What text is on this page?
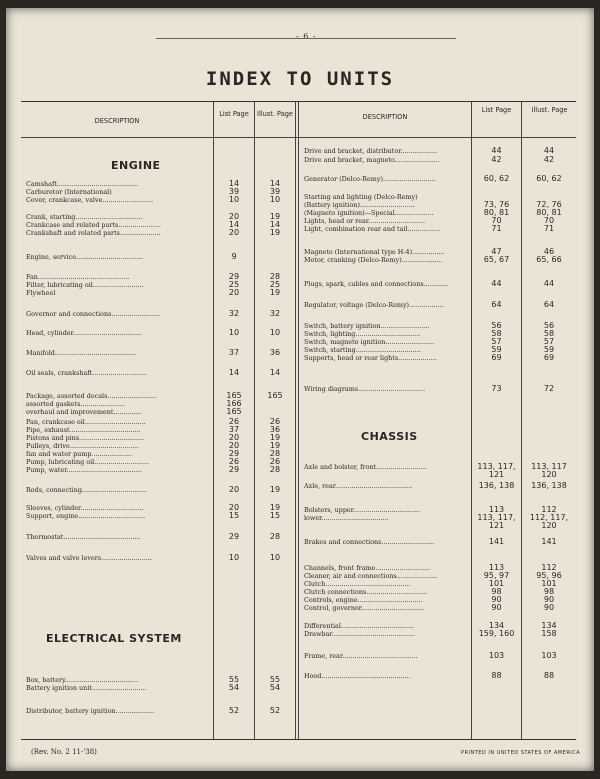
- 6 -
INDEX TO UNITS
DESCRIPTION
List Page	Illust. Page	DESCRIPTION
List Page	Illust. Page
ENGINE
ELECTRICAL SYSTEM
CHASSIS
Camshaft........................................	14	14
Carburetor (International)	39	39
Cover, crankcase, valve.........................	10	10
Crank, starting.................................	20	19
Crankcase and related parts.....................	14	14
Crankshaft and related parts....................	20	19
Engine, service.................................	9
Fan.............................................	29	28
Filter, lubricating oil.........................	25	25
Flywheel	20	19
Governor and connections........................	32	32
Head, cylinder..................................	10	10
Manifold........................................	37	36
Oil seals, crankshaft...........................	14	14
Package, assorted decals........................	165	165
assorted gaskets......................	166
overhaul and improvement..............	165
Pan, crankcase oil..............................	26	26
Pipe, exhaust...................................	37	36
Pistons and pins................................	20	19
Pulleys, drive..................................	20	19
fan and water pump....................	29	28
Pump, lubricating oil...........................	26	26
Pump, water.....................................	29	28
Rods, connecting................................	20	19
Sleeves, cylinder...............................	20	19
Support, engine.................................	15	15
Thermostat......................................	29	28
Valves and valve levers.........................	10	10
Box, battery....................................	55	55
Battery ignition unit...........................	54	54
Distributor, battery ignition...................	52	52
Drive and bracket, distributor..................	44	44
Drive and bracket, magneto......................	42	42
Generator (Delco-Remy)..........................	60, 62	60, 62
Starting and lighting (Delco-Remy)
(Battery ignition)...........................	73, 76	72, 76
(Magneto ignition)—Special...................	80, 81	80, 81
Lights, head or rear............................	70	70
Light, combination rear and tail................	71	71
Magneto (International type H-4)................	47	46
Motor, cranking (Delco-Remy)....................	65, 67	65, 66
Plugs, spark, cables and connections............	44	44
Regulator, voltage (Delco-Remy).................	64	64
Switch, battery ignition........................	56	56
Switch, lighting................................	58	58
Switch, magneto ignition........................	57	57
Switch, starting................................	59	59
Supports, head or rear lights...................	69	69
Wiring diagrams.................................	73	72
Axle and bolster, front.........................	113, 117,	113, 117
121	120
Axle, rear......................................	136, 138	136, 138
Bolsters, upper.................................	113	112
lower.................................	113, 117,	112, 117,
121	120
Brakes and connections..........................	141	141
Channels, front frame...........................	113	112
Cleaner, air and connections....................	95, 97	95, 96
Clutch..........................................	101	101
Clutch connections..............................	98	98
Controls, engine................................	90	90
Control, governor...............................	90	90
Differential....................................	134	134
Drawbar.........................................	159, 160	158
Frame, rear.....................................	103	103
Hood............................................	88	88
(Rev. No. 2 11-'38)	PRINTED IN UNITED STATES OF AMERICA
